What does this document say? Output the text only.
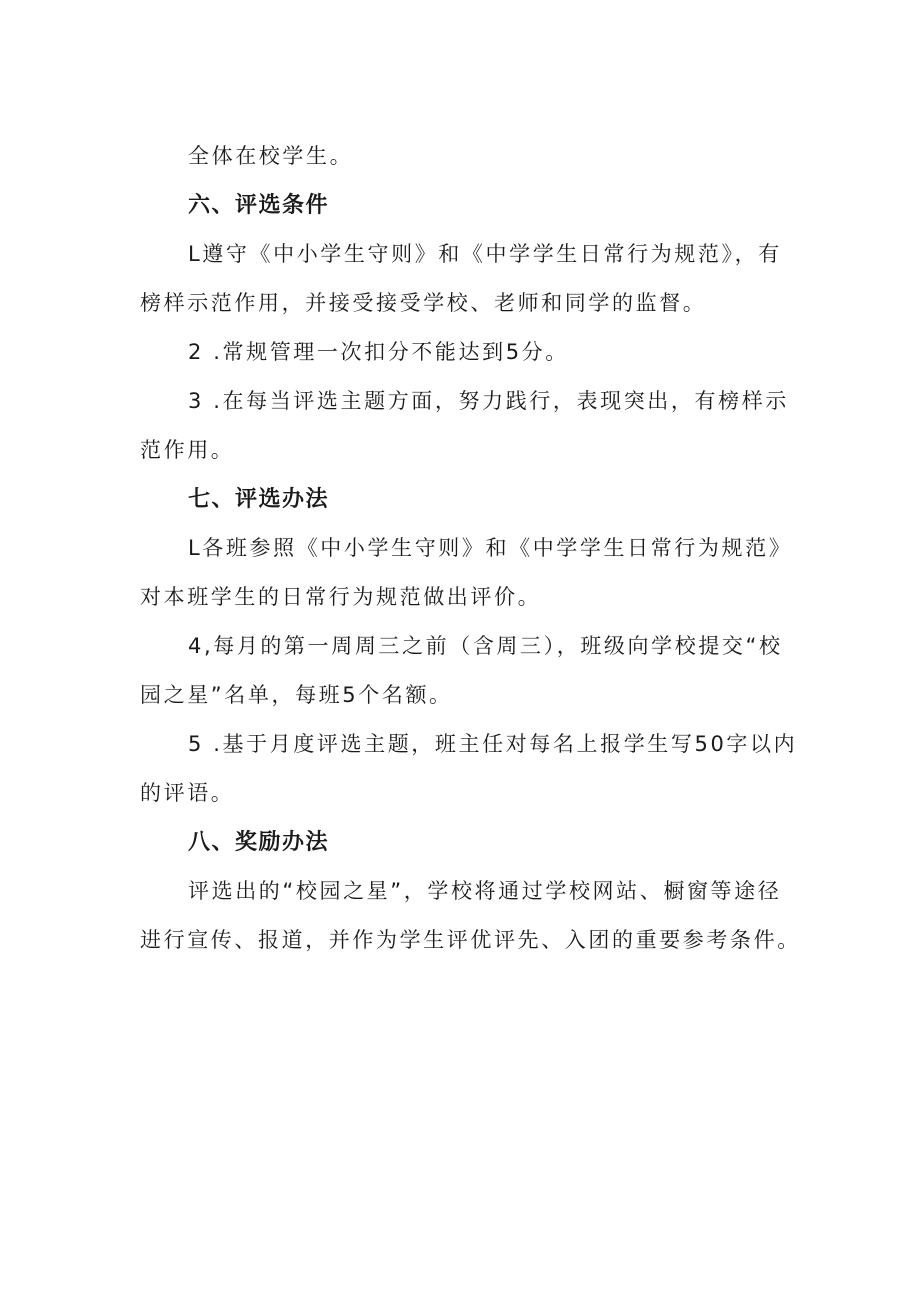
全体在校学生。
六、评选条件
L遵守《中小学生守则》和《中学学生日常行为规范》，有
榜样示范作用，并接受接受学校、老师和同学的监督。
2 .常规管理一次扣分不能达到5分。
3 .在每当评选主题方面，努力践行，表现突出，有榜样示
范作用。
七、评选办法
L各班参照《中小学生守则》和《中学学生日常行为规范》
对本班学生的日常行为规范做出评价。
4,每月的第一周周三之前（含周三），班级向学校提交“校
园之星”名单，每班5个名额。
5 .基于月度评选主题，班主任对每名上报学生写50字以内
的评语。
八、奖励办法
评选出的“校园之星”，学校将通过学校网站、橱窗等途径
进行宣传、报道，并作为学生评优评先、入团的重要参考条件。
